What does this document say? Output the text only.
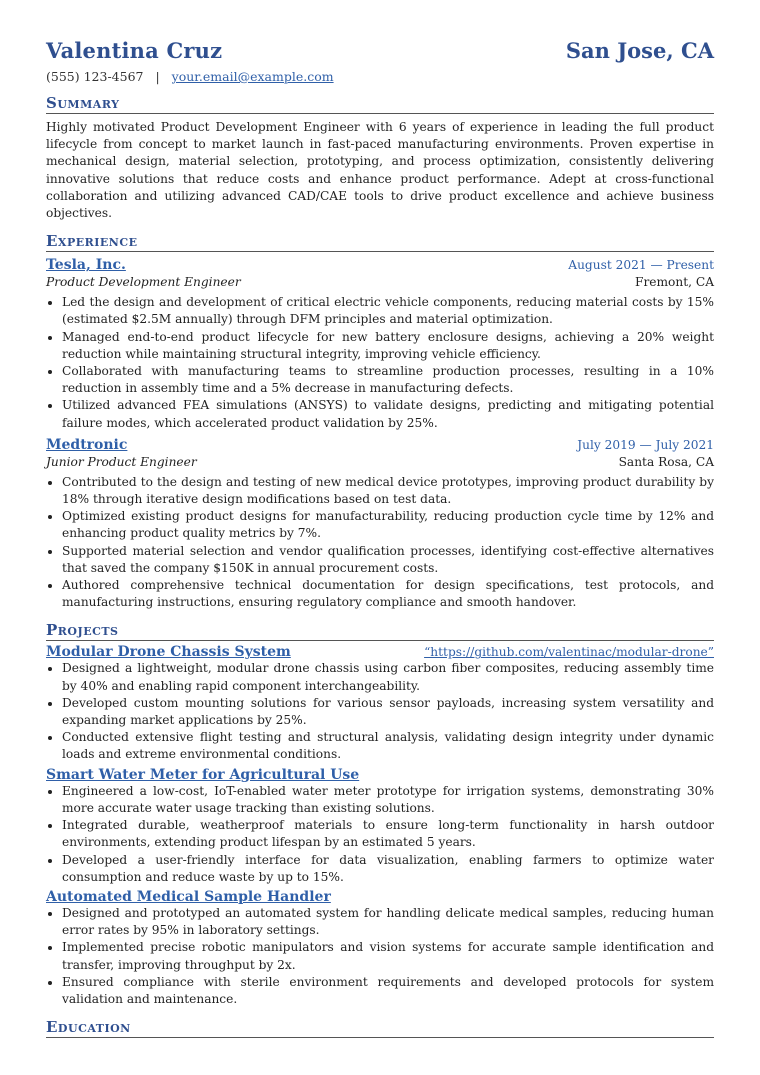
Valentina Cruz	San Jose, CA
(555) 123-4567 | your.email@example.com
Summary
Highly motivated Product Development Engineer with 6 years of experience in leading the full product lifecycle from concept to market launch in fast-paced manufacturing environments. Proven expertise in mechanical design, material selection, prototyping, and process optimization, consistently delivering innovative solutions that reduce costs and enhance product performance. Adept at cross-functional collaboration and utilizing advanced CAD/CAE tools to drive product excellence and achieve business objectives.
Experience
Tesla, Inc.	August 2021 — Present
Product Development Engineer	Fremont, CA
• Led the design and development of critical electric vehicle components, reducing material costs by 15% (estimated $2.5M annually) through DFM principles and material optimization.
• Managed end-to-end product lifecycle for new battery enclosure designs, achieving a 20% weight reduction while maintaining structural integrity, improving vehicle efficiency.
• Collaborated with manufacturing teams to streamline production processes, resulting in a 10% reduction in assembly time and a 5% decrease in manufacturing defects.
• Utilized advanced FEA simulations (ANSYS) to validate designs, predicting and mitigating potential failure modes, which accelerated product validation by 25%.
Medtronic	July 2019 — July 2021
Junior Product Engineer	Santa Rosa, CA
• Contributed to the design and testing of new medical device prototypes, improving product durability by 18% through iterative design modifications based on test data.
• Optimized existing product designs for manufacturability, reducing production cycle time by 12% and enhancing product quality metrics by 7%.
• Supported material selection and vendor qualification processes, identifying cost-effective alternatives that saved the company $150K in annual procurement costs.
• Authored comprehensive technical documentation for design specifications, test protocols, and manufacturing instructions, ensuring regulatory compliance and smooth handover.
Projects
Modular Drone Chassis System	“https://github.com/valentinac/modular-drone”
• Designed a lightweight, modular drone chassis using carbon fiber composites, reducing assembly time by 40% and enabling rapid component interchangeability.
• Developed custom mounting solutions for various sensor payloads, increasing system versatility and expanding market applications by 25%.
• Conducted extensive flight testing and structural analysis, validating design integrity under dynamic loads and extreme environmental conditions.
Smart Water Meter for Agricultural Use
• Engineered a low-cost, IoT-enabled water meter prototype for irrigation systems, demonstrating 30% more accurate water usage tracking than existing solutions.
• Integrated durable, weatherproof materials to ensure long-term functionality in harsh outdoor environments, extending product lifespan by an estimated 5 years.
• Developed a user-friendly interface for data visualization, enabling farmers to optimize water consumption and reduce waste by up to 15%.
Automated Medical Sample Handler
• Designed and prototyped an automated system for handling delicate medical samples, reducing human error rates by 95% in laboratory settings.
• Implemented precise robotic manipulators and vision systems for accurate sample identification and transfer, improving throughput by 2x.
• Ensured compliance with sterile environment requirements and developed protocols for system validation and maintenance.
Education
